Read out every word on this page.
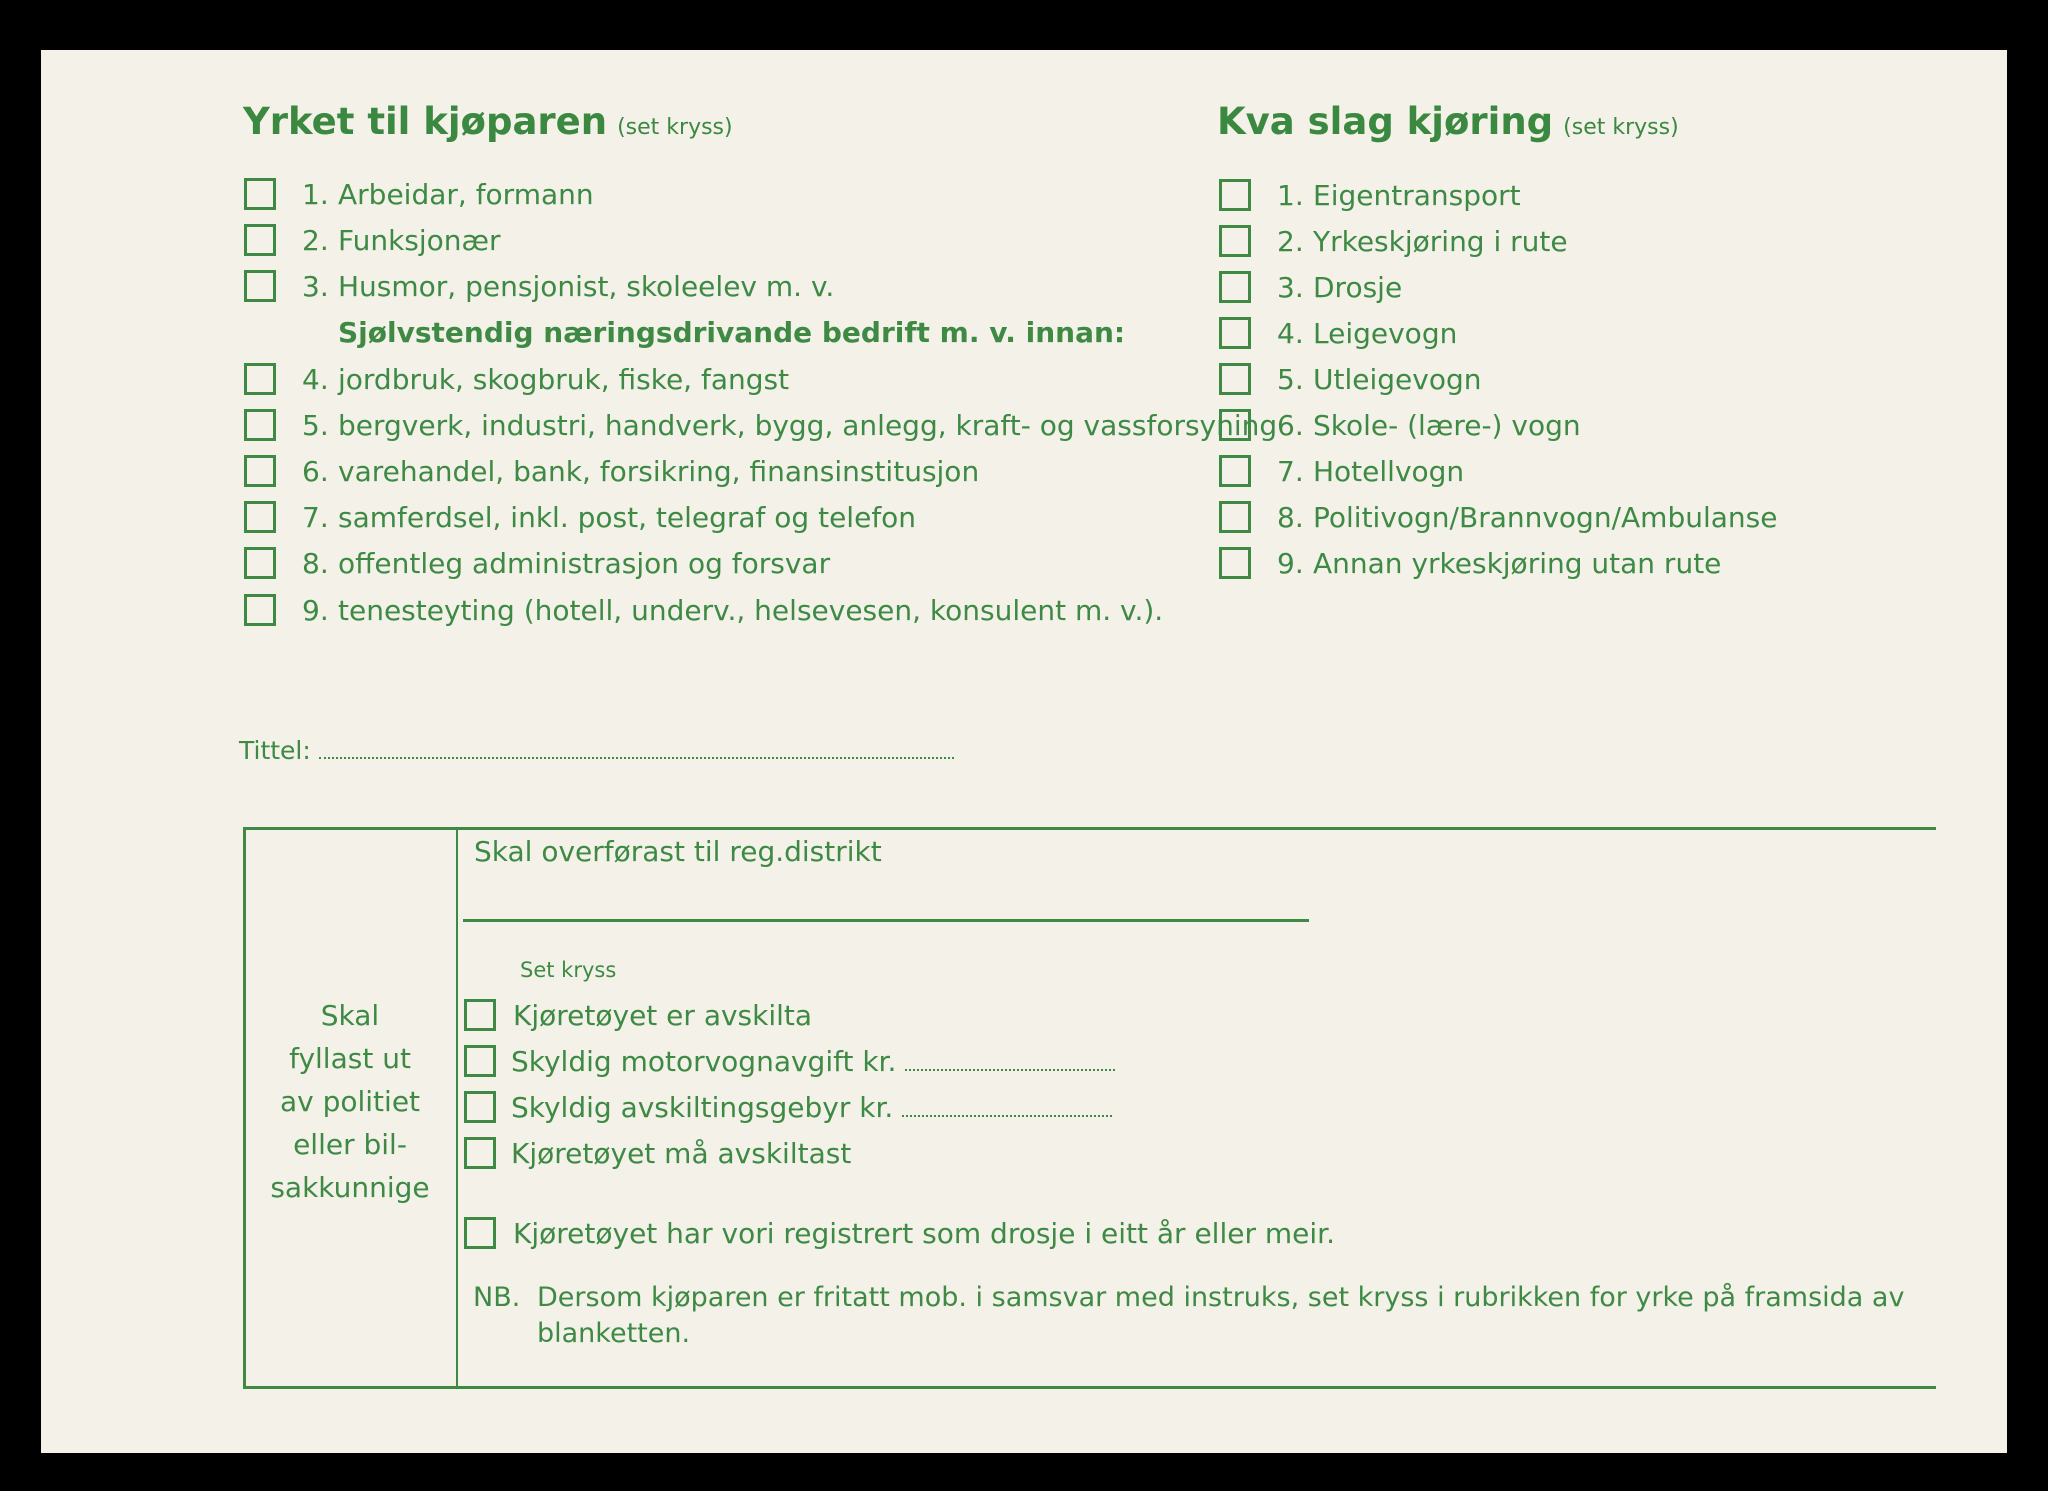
Yrket til kjøparen (set kryss)
1. Arbeidar, formann
2. Funksjonær
3. Husmor, pensjonist, skoleelev m. v.
Sjølvstendig næringsdrivande bedrift m. v. innan:
4. jordbruk, skogbruk, fiske, fangst
5. bergverk, industri, handverk, bygg, anlegg, kraft- og vassforsyning
6. varehandel, bank, forsikring, finansinstitusjon
7. samferdsel, inkl. post, telegraf og telefon
8. offentleg administrasjon og forsvar
9. tenesteyting (hotell, underv., helsevesen, konsulent m. v.).
Kva slag kjøring (set kryss)
1. Eigentransport
2. Yrkeskjøring i rute
3. Drosje
4. Leigevogn
5. Utleigevogn
6. Skole- (lære-) vogn
7. Hotellvogn
8. Politivogn/Brannvogn/Ambulanse
9. Annan yrkeskjøring utan rute
Tittel:
Skal
fyllast ut
av politiet
eller bil-
sakkunnige
Skal overførast til reg.distrikt
Set kryss
Kjøretøyet er avskilta
Skyldig motorvognavgift kr.
Skyldig avskiltingsgebyr kr.
Kjøretøyet må avskiltast
Kjøretøyet har vori registrert som drosje i eitt år eller meir.
NB. Dersom kjøparen er fritatt mob. i samsvar med instruks, set kryss i rubrikken for yrke på framsida av
blanketten.
